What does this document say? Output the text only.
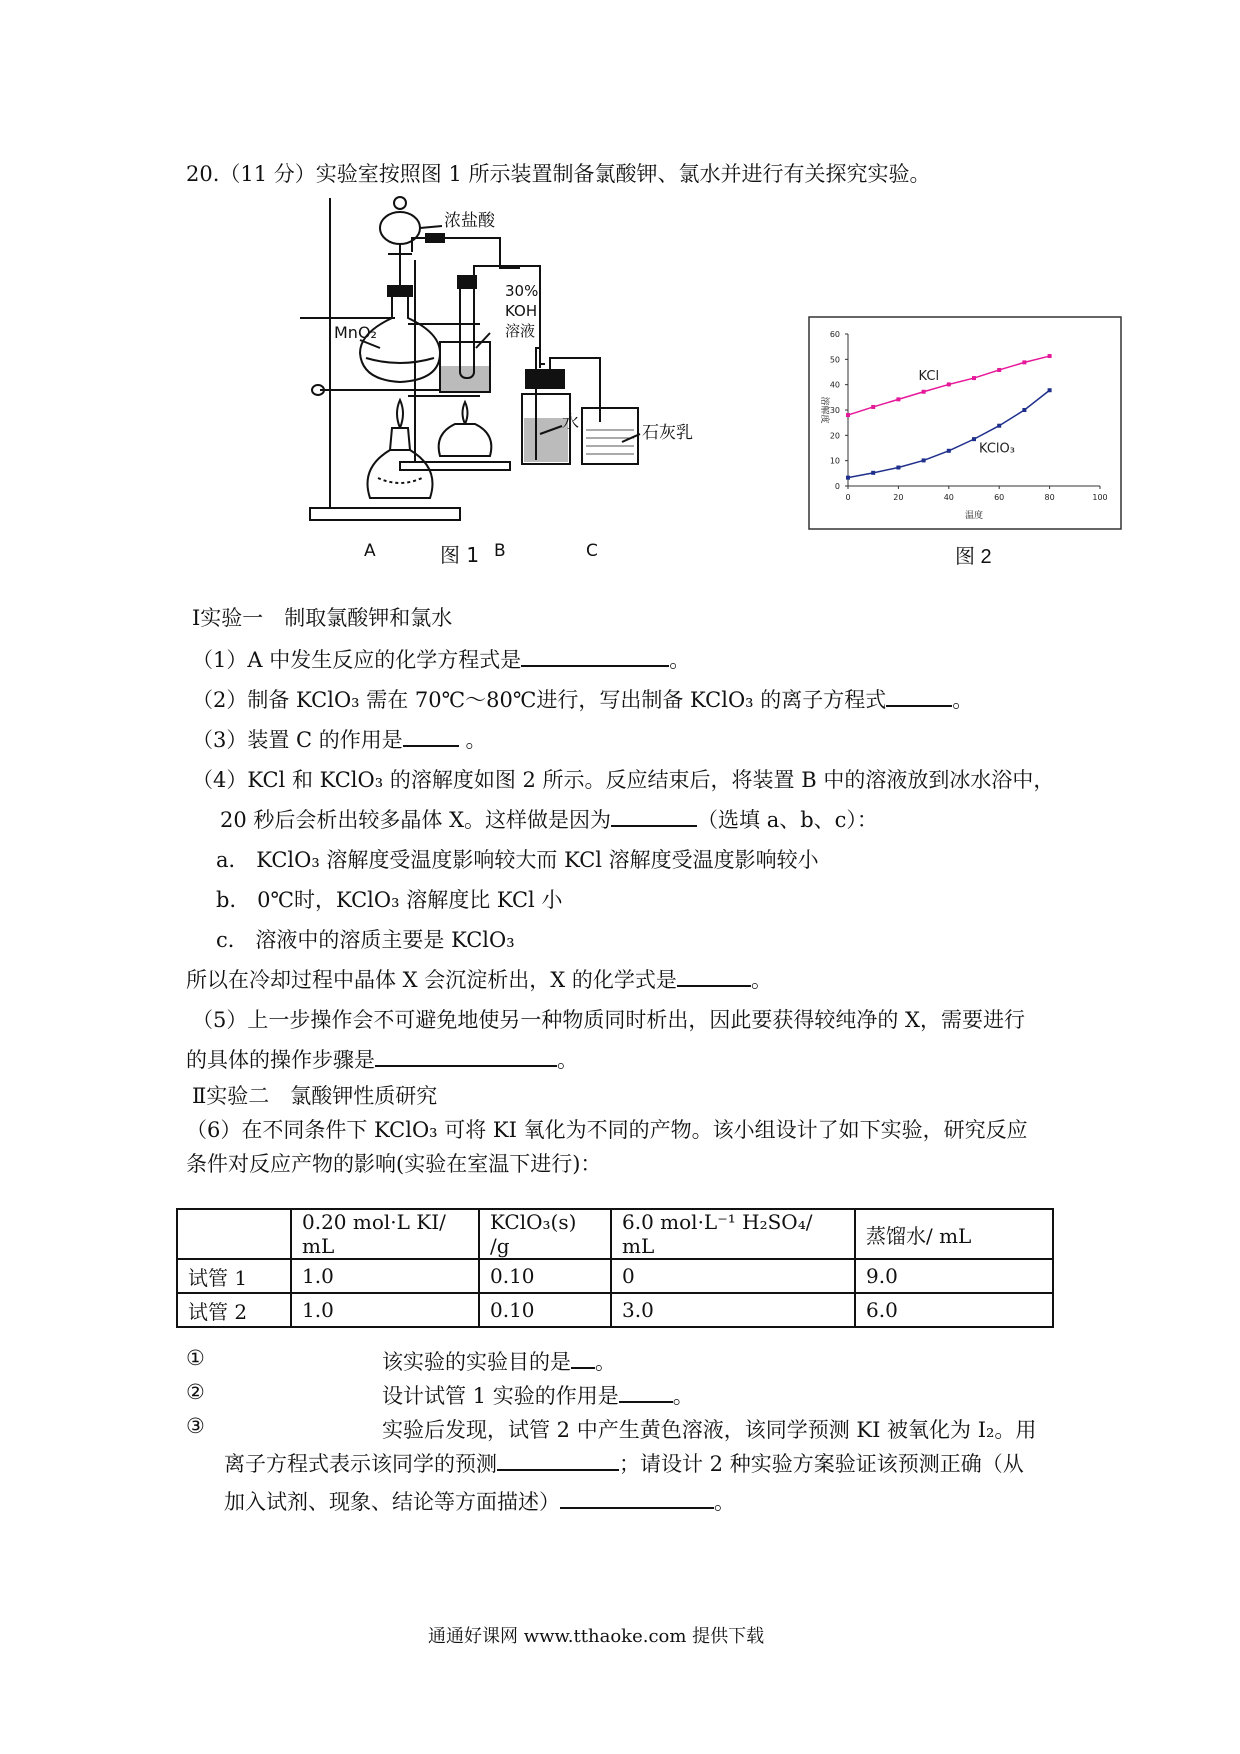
20.（11 分）实验室按照图 1 所示装置制备氯酸钾、氯水并进行有关探究实验。
浓盐酸
MnO₂
30%
KOH
溶液
水	石灰乳
A	B	C
图 1
0
10
20
30
40
50
60
0	20	40	60	80	100
温度
溶解度
KCl
KClO₃
图 2
Ⅰ实验一　制取氯酸钾和氯水
（1）A 中发生反应的化学方程式是	。
（2）制备 KClO₃ 需在 70℃～80℃进行，写出制备 KClO₃ 的离子方程式	。
（3）装置 C 的作用是	。
（4）KCl 和 KClO₃ 的溶解度如图 2 所示。反应结束后，将装置 B 中的溶液放到冰水浴中，
20 秒后会析出较多晶体 X。这样做是因为	（选填 a、b、c）：
a． KClO₃ 溶解度受温度影响较大而 KCl 溶解度受温度影响较小
b． 0℃时，KClO₃ 溶解度比 KCl 小
c． 溶液中的溶质主要是 KClO₃
所以在冷却过程中晶体 X 会沉淀析出，X 的化学式是	。
（5）上一步操作会不可避免地使另一种物质同时析出，因此要获得较纯净的 X，需要进行
的具体的操作步骤是	。
Ⅱ实验二　氯酸钾性质研究
（6）在不同条件下 KClO₃ 可将 KI 氧化为不同的产物。该小组设计了如下实验，研究反应
条件对反应产物的影响(实验在室温下进行)：
	0.20 mol·L KI/ mL	KClO₃(s) /g	6.0 mol·L⁻¹ H₂SO₄/ mL	蒸馏水/ mL
试管 1	1.0	0.10	0	9.0
试管 2	1.0	0.10	3.0	6.0
①	该实验的实验目的是 。
②	设计试管 1 实验的作用是	。
③	实验后发现，试管 2 中产生黄色溶液，该同学预测 KI 被氧化为 I₂。用
离子方程式表示该同学的预测	；请设计 2 种实验方案验证该预测正确（从
加入试剂、现象、结论等方面描述）	。
通通好课网 www.tthaoke.com 提供下载
